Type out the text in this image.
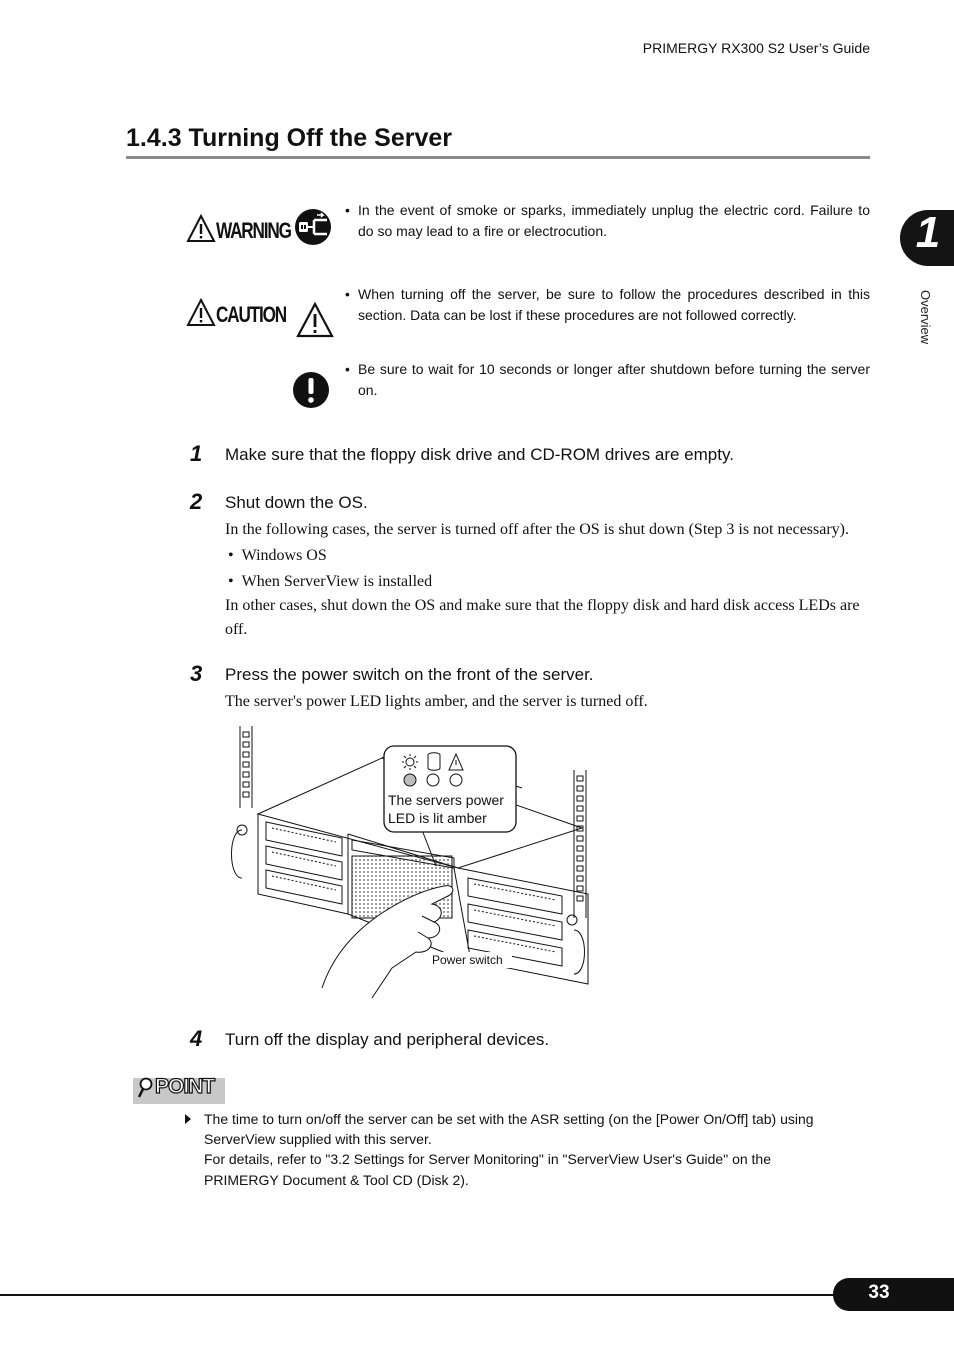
PRIMERGY RX300 S2 User’s Guide
1.4.3 Turning Off the Server
1
Overview
WARNING
• In the event of smoke or sparks, immediately unplug the electric cord. Failure to do so may lead to a fire or electrocution.
CAUTION
• When turning off the server, be sure to follow the procedures described in this section. Data can be lost if these procedures are not followed correctly.
• Be sure to wait for 10 seconds or longer after shutdown before turning the server on.
1 Make sure that the floppy disk drive and CD-ROM drives are empty.
2 Shut down the OS.
In the following cases, the server is turned off after the OS is shut down (Step 3 is not necessary).
•  Windows OS
•  When ServerView is installed
In other cases, shut down the OS and make sure that the floppy disk and hard disk access LEDs are off.
3 Press the power switch on the front of the server.
The server's power LED lights amber, and the server is turned off.
The servers power
LED is lit amber
Power switch
4 Turn off the display and peripheral devices.
POINT
The time to turn on/off the server can be set with the ASR setting (on the [Power On/Off] tab) using
ServerView supplied with this server.
For details, refer to "3.2 Settings for Server Monitoring" in "ServerView User's Guide" on the
PRIMERGY Document & Tool CD (Disk 2).
33
